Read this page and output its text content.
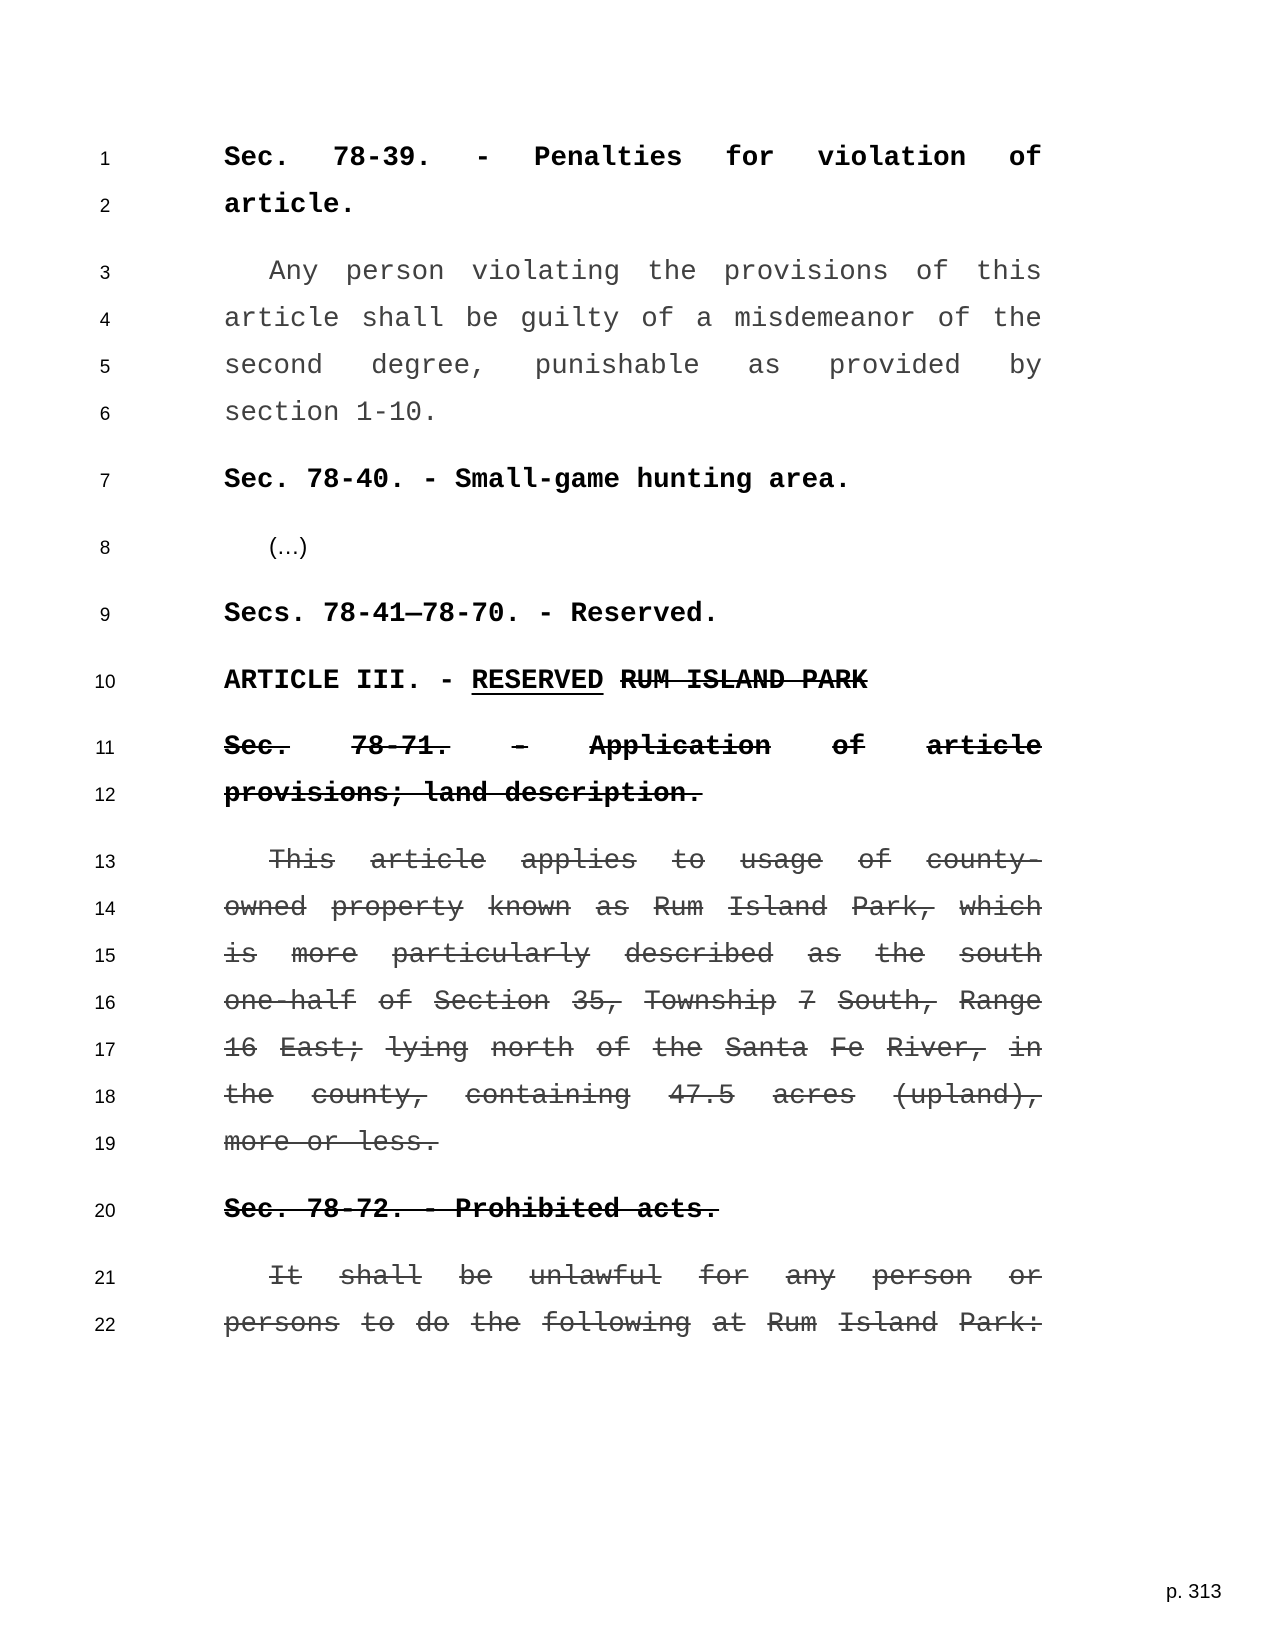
1
2
3
4
5
6
7
8
9
10
11
12
13
14
15
16
17
18
19
20
21
22
Sec. 78-39. - Penalties for violation of
article.
Any person violating the provisions of this
article shall be guilty of a misdemeanor of the
second degree, punishable as provided by
section 1-10.
Sec. 78-40. - Small-game hunting area.
(…)
Secs. 78-41—78-70. - Reserved.
ARTICLE III. - RESERVED RUM ISLAND PARK
Sec. 78-71. - Application of article
provisions; land description.
This article applies to usage of county-
owned property known as Rum Island Park, which
is more particularly described as the south
one-half of Section 35, Township 7 South, Range
16 East; lying north of the Santa Fe River, in
the county, containing 47.5 acres (upland),
more or less.
Sec. 78-72. - Prohibited acts.
It shall be unlawful for any person or
persons to do the following at Rum Island Park:
p. 313
